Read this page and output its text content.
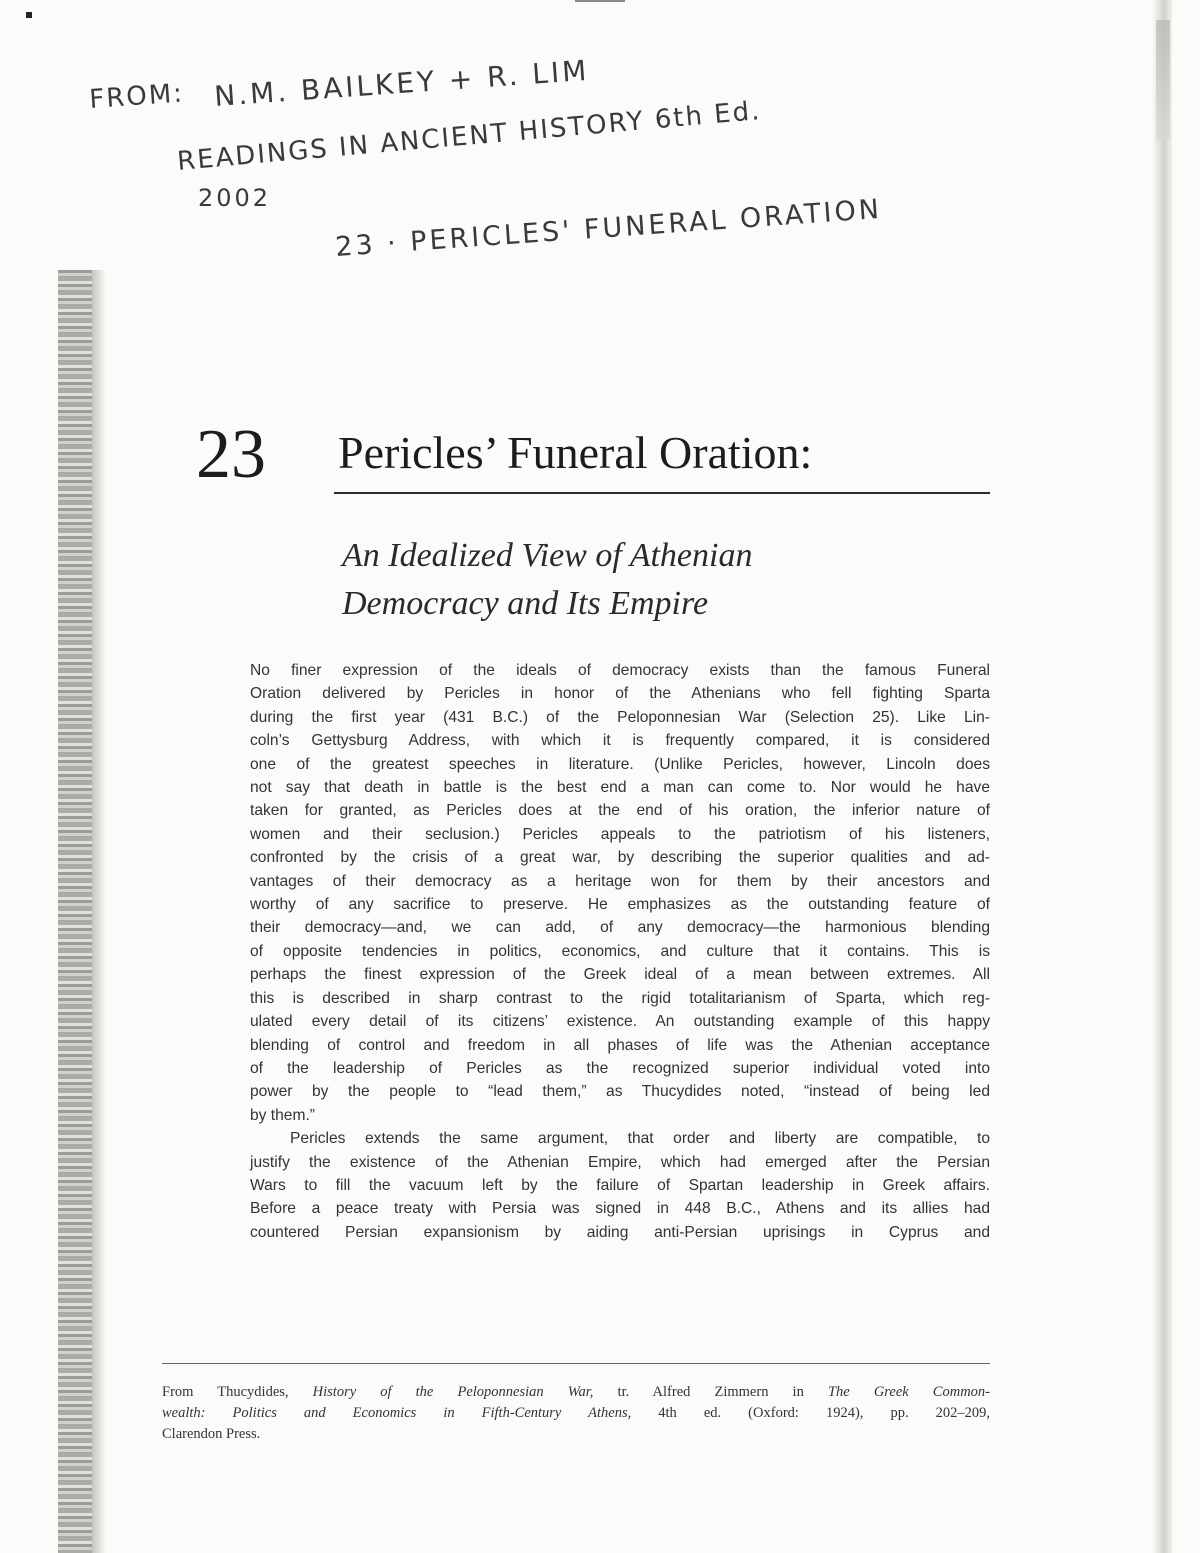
FROM: N.M. BAILKEY + R. LIM
READINGS IN ANCIENT HISTORY 6th Ed.
2002 23 · PERICLES' FUNERAL ORATION
23 Pericles’ Funeral Oration:
An Idealized View of Athenian
Democracy and Its Empire
No finer expression of the ideals of democracy exists than the famous Funeral
Oration delivered by Pericles in honor of the Athenians who fell fighting Sparta
during the first year (431 B.C.) of the Peloponnesian War (Selection 25). Like Lin-
coln’s Gettysburg Address, with which it is frequently compared, it is considered
one of the greatest speeches in literature. (Unlike Pericles, however, Lincoln does
not say that death in battle is the best end a man can come to. Nor would he have
taken for granted, as Pericles does at the end of his oration, the inferior nature of
women and their seclusion.) Pericles appeals to the patriotism of his listeners,
confronted by the crisis of a great war, by describing the superior qualities and ad-
vantages of their democracy as a heritage won for them by their ancestors and
worthy of any sacrifice to preserve. He emphasizes as the outstanding feature of
their democracy—and, we can add, of any democracy—the harmonious blending
of opposite tendencies in politics, economics, and culture that it contains. This is
perhaps the finest expression of the Greek ideal of a mean between extremes. All
this is described in sharp contrast to the rigid totalitarianism of Sparta, which reg-
ulated every detail of its citizens’ existence. An outstanding example of this happy
blending of control and freedom in all phases of life was the Athenian acceptance
of the leadership of Pericles as the recognized superior individual voted into
power by the people to “lead them,” as Thucydides noted, “instead of being led
by them.”
Pericles extends the same argument, that order and liberty are compatible, to
justify the existence of the Athenian Empire, which had emerged after the Persian
Wars to fill the vacuum left by the failure of Spartan leadership in Greek affairs.
Before a peace treaty with Persia was signed in 448 B.C., Athens and its allies had
countered Persian expansionism by aiding anti-Persian uprisings in Cyprus and
From Thucydides, History of the Peloponnesian War, tr. Alfred Zimmern in The Greek Common-
wealth: Politics and Economics in Fifth-Century Athens, 4th ed. (Oxford: 1924), pp. 202–209,
Clarendon Press.
